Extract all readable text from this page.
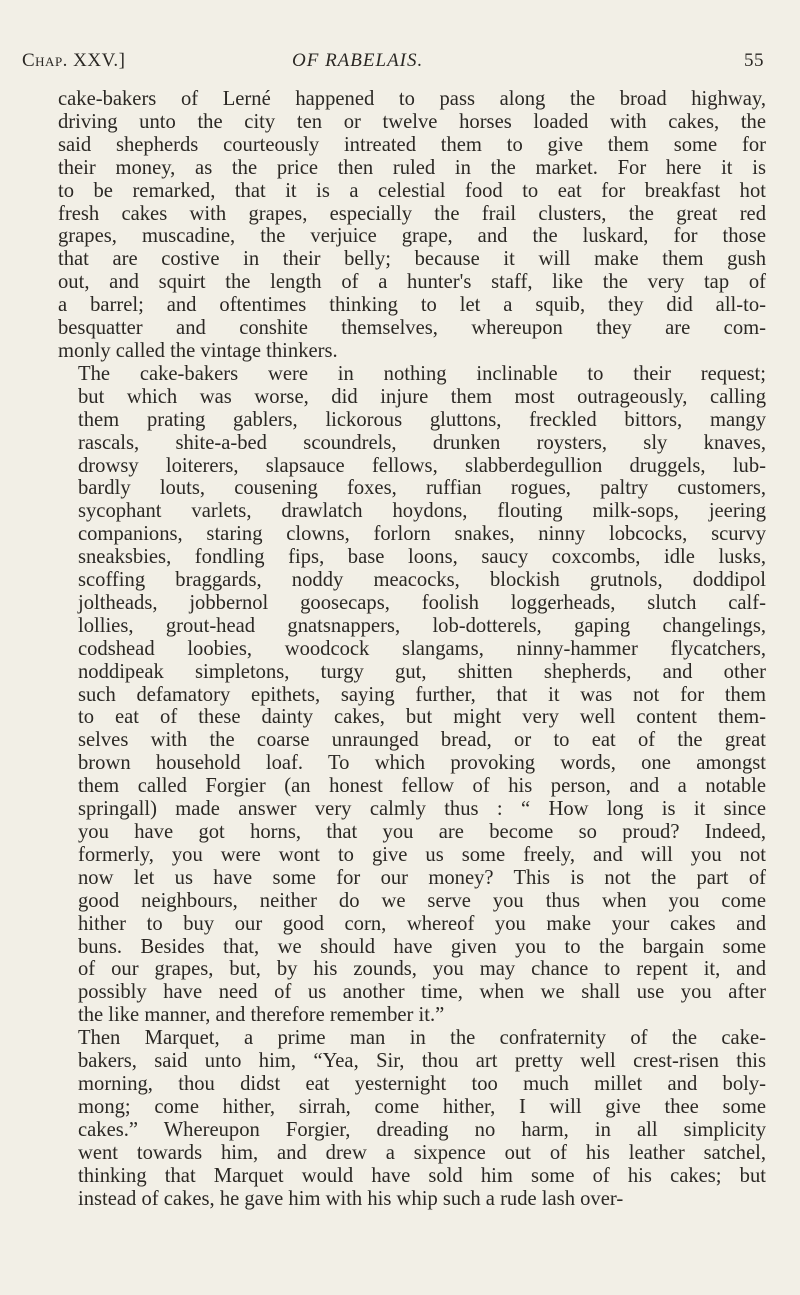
Chap. XXV.]	OF RABELAIS.	55

cake-bakers of Lerné happened to pass along the broad highway,
driving unto the city ten or twelve horses loaded with cakes, the
said shepherds courteously intreated them to give them some for
their money, as the price then ruled in the market. For here it is
to be remarked, that it is a celestial food to eat for breakfast hot
fresh cakes with grapes, especially the frail clusters, the great red
grapes, muscadine, the verjuice grape, and the luskard, for those
that are costive in their belly; because it will make them gush
out, and squirt the length of a hunter's staff, like the very tap of
a barrel; and oftentimes thinking to let a squib, they did all-to-
besquatter and conshite themselves, whereupon they are com-
monly called the vintage thinkers.

The cake-bakers were in nothing inclinable to their request;
but which was worse, did injure them most outrageously, calling
them prating gablers, lickorous gluttons, freckled bittors, mangy
rascals, shite-a-bed scoundrels, drunken roysters, sly knaves,
drowsy loiterers, slapsauce fellows, slabberdegullion druggels, lub-
bardly louts, cousening foxes, ruffian rogues, paltry customers,
sycophant varlets, drawlatch hoydons, flouting milk-sops, jeering
companions, staring clowns, forlorn snakes, ninny lobcocks, scurvy
sneaksbies, fondling fips, base loons, saucy coxcombs, idle lusks,
scoffing braggards, noddy meacocks, blockish grutnols, doddipol
joltheads, jobbernol goosecaps, foolish loggerheads, slutch calf-
lollies, grout-head gnatsnappers, lob-dotterels, gaping changelings,
codshead loobies, woodcock slangams, ninny-hammer flycatchers,
noddipeak simpletons, turgy gut, shitten shepherds, and other
such defamatory epithets, saying further, that it was not for them
to eat of these dainty cakes, but might very well content them-
selves with the coarse unraunged bread, or to eat of the great
brown household loaf. To which provoking words, one amongst
them called Forgier (an honest fellow of his person, and a notable
springall) made answer very calmly thus : “ How long is it since
you have got horns, that you are become so proud? Indeed,
formerly, you were wont to give us some freely, and will you not
now let us have some for our money? This is not the part of
good neighbours, neither do we serve you thus when you come
hither to buy our good corn, whereof you make your cakes and
buns. Besides that, we should have given you to the bargain some
of our grapes, but, by his zounds, you may chance to repent it, and
possibly have need of us another time, when we shall use you after
the like manner, and therefore remember it.”

Then Marquet, a prime man in the confraternity of the cake-
bakers, said unto him, “Yea, Sir, thou art pretty well crest-risen this
morning, thou didst eat yesternight too much millet and boly-
mong; come hither, sirrah, come hither, I will give thee some
cakes.” Whereupon Forgier, dreading no harm, in all simplicity
went towards him, and drew a sixpence out of his leather satchel,
thinking that Marquet would have sold him some of his cakes; but
instead of cakes, he gave him with his whip such a rude lash over-
